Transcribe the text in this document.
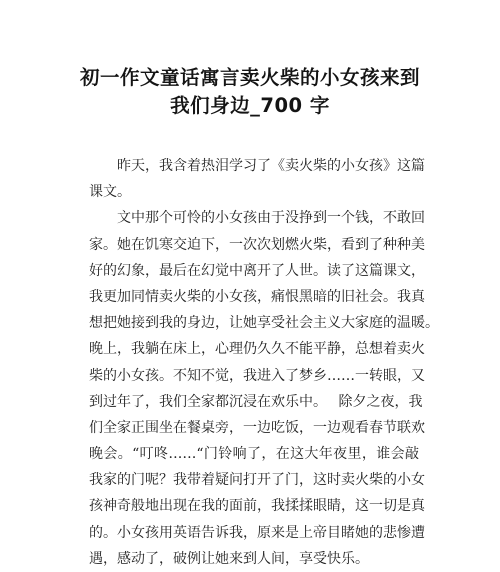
初一作文童话寓言卖火柴的小女孩来到
我们身边_700 字
昨天，我含着热泪学习了《卖火柴的小女孩》这篇
课文。
文中那个可怜的小女孩由于没挣到一个钱，不敢回
家。她在饥寒交迫下，一次次划燃火柴，看到了种种美
好的幻象，最后在幻觉中离开了人世。读了这篇课文，
我更加同情卖火柴的小女孩，痛恨黑暗的旧社会。我真
想把她接到我的身边，让她享受社会主义大家庭的温暖。
晚上，我躺在床上，心理仍久久不能平静，总想着卖火
柴的小女孩。不知不觉，我进入了梦乡……一转眼，又
到过年了，我们全家都沉浸在欢乐中。　 除夕之夜，我
们全家正围坐在餐桌旁，一边吃饭，一边观看春节联欢
晚会。“叮咚……“门铃响了，在这大年夜里，谁会敲
我家的门呢？我带着疑问打开了门，这时卖火柴的小女
孩神奇般地出现在我的面前，我揉揉眼睛，这一切是真
的。小女孩用英语告诉我，原来是上帝目睹她的悲惨遭
遇，感动了，破例让她来到人间，享受快乐。
